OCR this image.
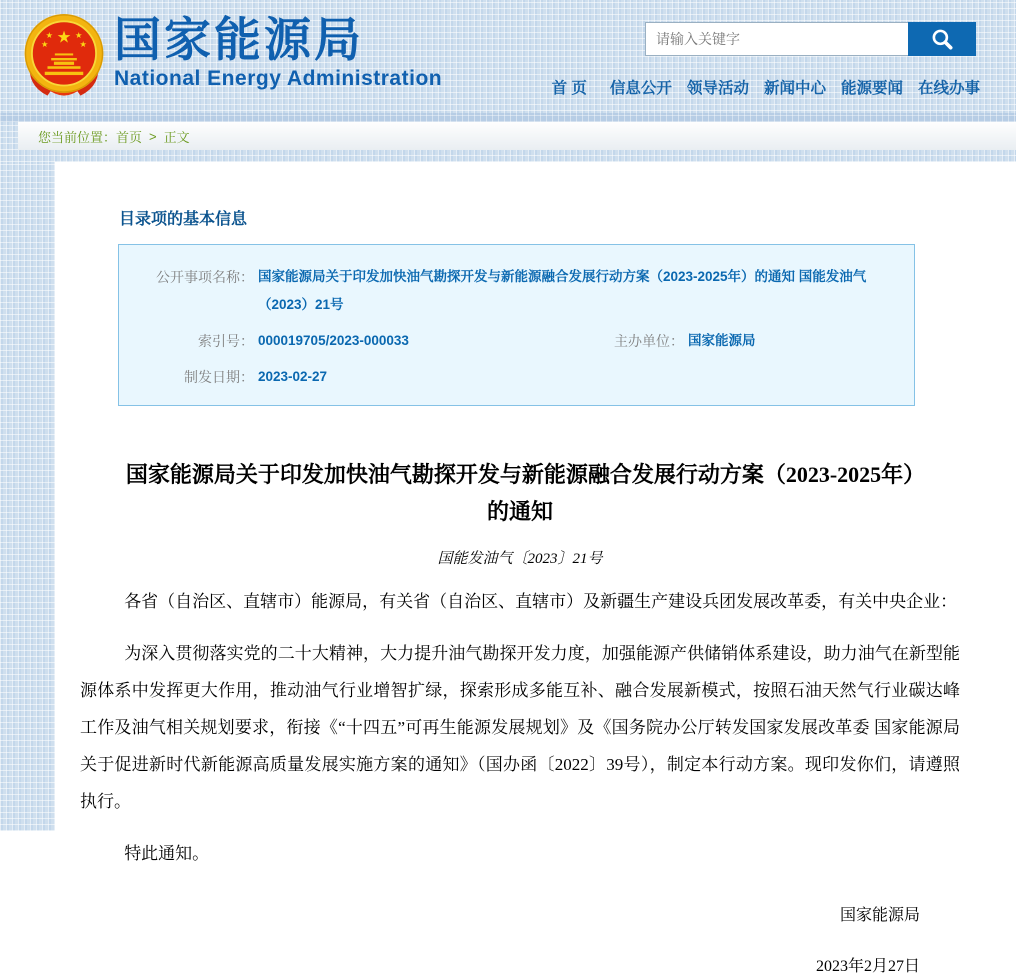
★
★ ★
★	★ 国家能源局
National Energy Administration
请输入关键字	首 页 信息公开 领导活动 新闻中心 能源要闻 在线办事
您当前位置： 首页 > 正文
目录项的基本信息
公开事项名称： 国家能源局关于印发加快油气勘探开发与新能源融合发展行动方案（2023-2025年）的通知 国能发油气（2023）21号
索引号： 000019705/2023-000033	主办单位： 国家能源局
制发日期： 2023-02-27
国家能源局关于印发加快油气勘探开发与新能源融合发展行动方案（2023-2025年）的通知
国能发油气〔2023〕21号

各省（自治区、直辖市）能源局，有关省（自治区、直辖市）及新疆生产建设兵团发展改革委，有关中央企业：

为深入贯彻落实党的二十大精神，大力提升油气勘探开发力度，加强能源产供储销体系建设，助力油气在新型能源体系中发挥更大作用，推动油气行业增智扩绿，探索形成多能互补、融合发展新模式，按照石油天然气行业碳达峰工作及油气相关规划要求，衔接《“十四五”可再生能源发展规划》及《国务院办公厅转发国家发展改革委 国家能源局关于促进新时代新能源高质量发展实施方案的通知》（国办函〔2022〕39号），制定本行动方案。现印发你们，请遵照执行。

特此通知。

国家能源局
2023年2月27日
